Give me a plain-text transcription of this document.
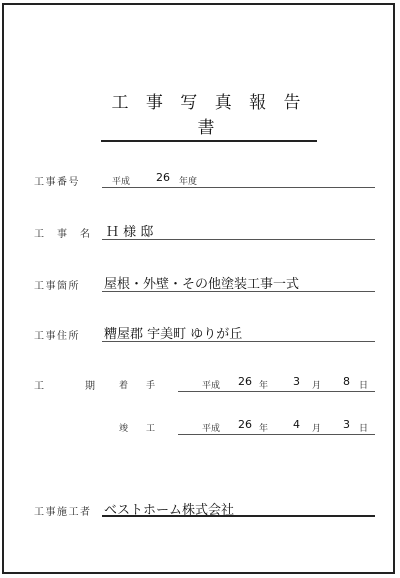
工 事 写 真 報 告 書
工事番号	平成 26 年度
工　事　名 Ｈ 様 邸
工事箇所 屋根・外壁・その他塗装工事一式
工事住所 糟屋郡 宇美町 ゆりが丘
工	期	着　　手	平成 26 年 3 月 8 日
竣　　工	平成 26 年 4 月 3 日
工事施工者 ベストホーム株式会社
